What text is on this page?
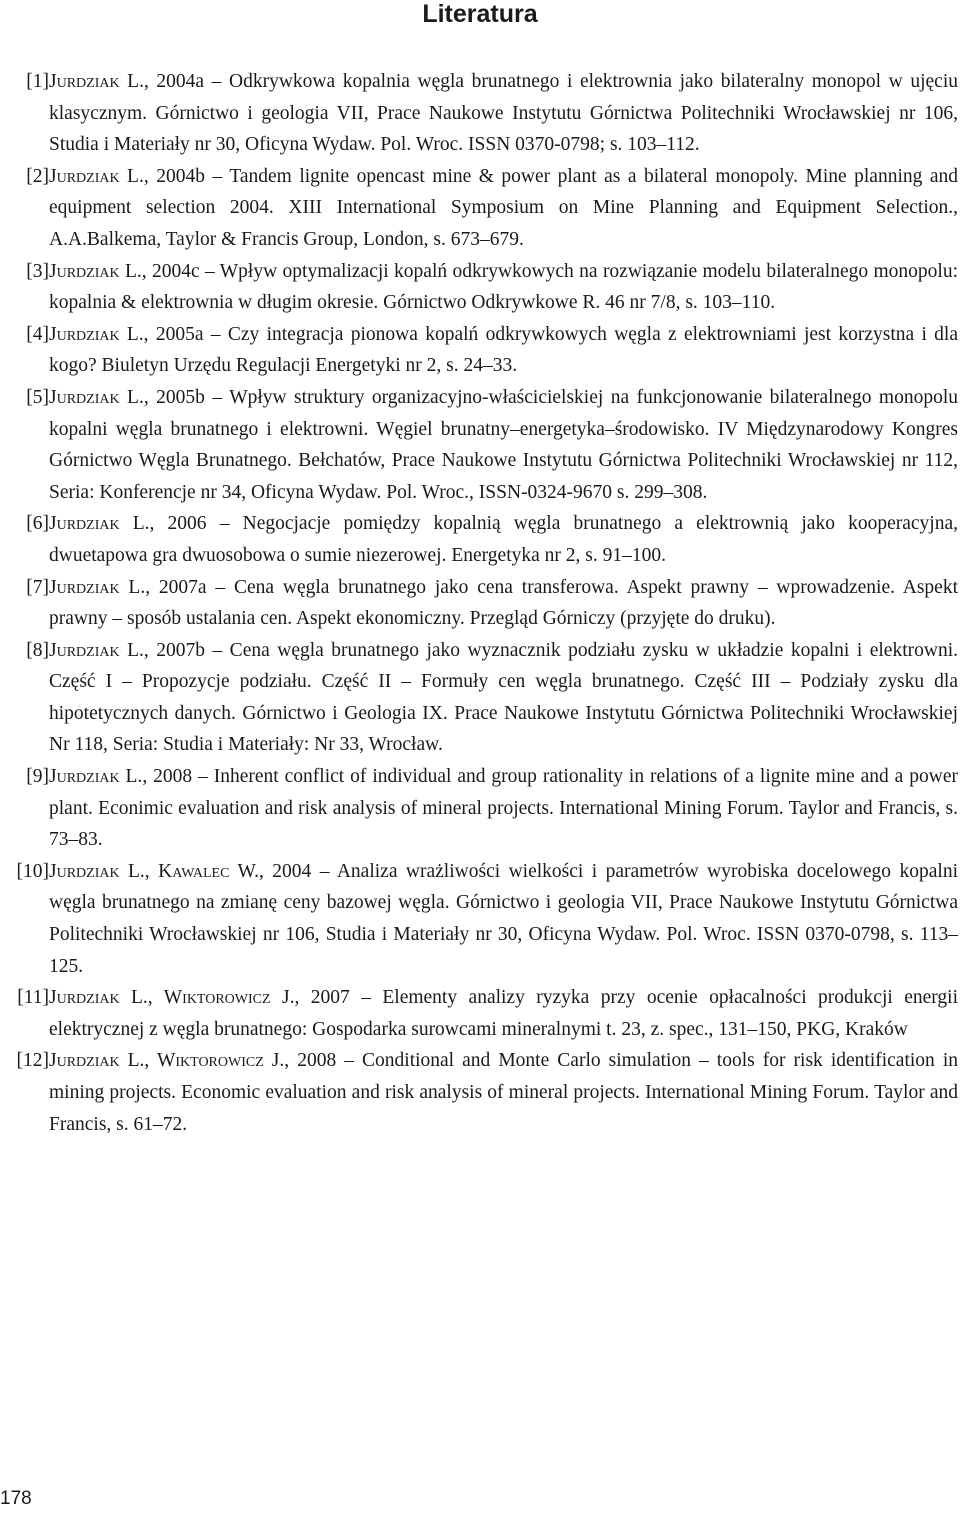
Literatura
[1] Jurdziak L., 2004a – Odkrywkowa kopalnia węgla brunatnego i elektrownia jako bilateralny monopol w ujęciu klasycznym. Górnictwo i geologia VII, Prace Naukowe Instytutu Górnictwa Politechniki Wrocławskiej nr 106, Studia i Materiały nr 30, Oficyna Wydaw. Pol. Wroc. ISSN 0370-0798; s. 103–112.
[2] Jurdziak L., 2004b – Tandem lignite opencast mine & power plant as a bilateral monopoly. Mine planning and equipment selection 2004. XIII International Symposium on Mine Planning and Equipment Selection., A.A.Balkema, Taylor & Francis Group, London, s. 673–679.
[3] Jurdziak L., 2004c – Wpływ optymalizacji kopalń odkrywkowych na rozwiązanie modelu bilateralnego monopolu: kopalnia & elektrownia w długim okresie. Górnictwo Odkrywkowe R. 46 nr 7/8, s. 103–110.
[4] Jurdziak L., 2005a – Czy integracja pionowa kopalń odkrywkowych węgla z elektrowniami jest korzystna i dla kogo? Biuletyn Urzędu Regulacji Energetyki nr 2, s. 24–33.
[5] Jurdziak L., 2005b – Wpływ struktury organizacyjno-właścicielskiej na funkcjonowanie bilateralnego monopolu kopalni węgla brunatnego i elektrowni. Węgiel brunatny–energetyka–środowisko. IV Międzynarodowy Kongres Górnictwo Węgla Brunatnego. Bełchatów, Prace Naukowe Instytutu Górnictwa Politechniki Wrocławskiej nr 112, Seria: Konferencje nr 34, Oficyna Wydaw. Pol. Wroc., ISSN-0324-9670 s. 299–308.
[6] Jurdziak L., 2006 – Negocjacje pomiędzy kopalnią węgla brunatnego a elektrownią jako kooperacyjna, dwuetapowa gra dwuosobowa o sumie niezerowej. Energetyka nr 2, s. 91–100.
[7] Jurdziak L., 2007a – Cena węgla brunatnego jako cena transferowa. Aspekt prawny – wprowadzenie. Aspekt prawny – sposób ustalania cen. Aspekt ekonomiczny. Przegląd Górniczy (przyjęte do druku).
[8] Jurdziak L., 2007b – Cena węgla brunatnego jako wyznacznik podziału zysku w układzie kopalni i elektrowni. Część I – Propozycje podziału. Część II – Formuły cen węgla brunatnego. Część III – Podziały zysku dla hipotetycznych danych. Górnictwo i Geologia IX. Prace Naukowe Instytutu Górnictwa Politechniki Wrocławskiej Nr 118, Seria: Studia i Materiały: Nr 33, Wrocław.
[9] Jurdziak L., 2008 – Inherent conflict of individual and group rationality in relations of a lignite mine and a power plant. Econimic evaluation and risk analysis of mineral projects. International Mining Forum. Taylor and Francis, s. 73–83.
[10] Jurdziak L., Kawalec W., 2004 – Analiza wrażliwości wielkości i parametrów wyrobiska docelowego kopalni węgla brunatnego na zmianę ceny bazowej węgla. Górnictwo i geologia VII, Prace Naukowe Instytutu Górnictwa Politechniki Wrocławskiej nr 106, Studia i Materiały nr 30, Oficyna Wydaw. Pol. Wroc. ISSN 0370-0798, s. 113–125.
[11] Jurdziak L., Wiktorowicz J., 2007 – Elementy analizy ryzyka przy ocenie opłacalności produkcji energii elektrycznej z węgla brunatnego: Gospodarka surowcami mineralnymi t. 23, z. spec., 131–150, PKG, Kraków
[12] Jurdziak L., Wiktorowicz J., 2008 – Conditional and Monte Carlo simulation – tools for risk identification in mining projects. Economic evaluation and risk analysis of mineral projects. International Mining Forum. Taylor and Francis, s. 61–72.
178
